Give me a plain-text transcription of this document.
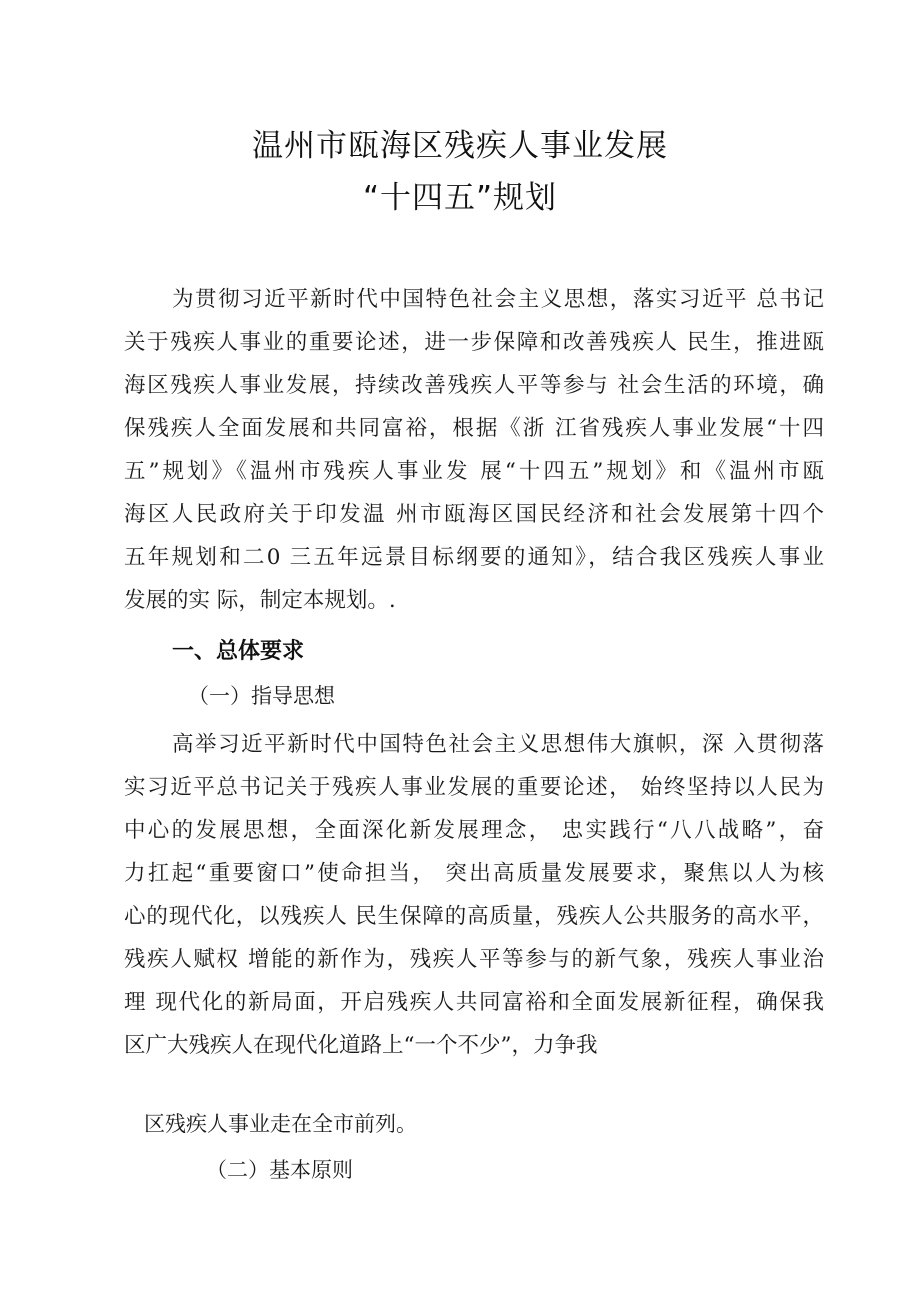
温州市瓯海区残疾人事业发展
“十四五”规划
为贯彻习近平新时代中国特色社会主义思想，落实习近平 总书记
关于残疾人事业的重要论述，进一步保障和改善残疾人 民生，推进瓯
海区残疾人事业发展，持续改善残疾人平等参与 社会生活的环境，确
保残疾人全面发展和共同富裕，根据《浙 江省残疾人事业发展“十四
五”规划》《温州市残疾人事业发 展“十四五”规划》和《温州市瓯
海区人民政府关于印发温 州市瓯海区国民经济和社会发展第十四个
五年规划和二0 三五年远景目标纲要的通知》，结合我区残疾人事业
发展的实 际，制定本规划。.
一、总体要求
（一）指导思想
高举习近平新时代中国特色社会主义思想伟大旗帜，深 入贯彻落
实习近平总书记关于残疾人事业发展的重要论述， 始终坚持以人民为
中心的发展思想，全面深化新发展理念， 忠实践行“八八战略”，奋
力扛起“重要窗口”使命担当， 突出高质量发展要求，聚焦以人为核
心的现代化，以残疾人 民生保障的高质量，残疾人公共服务的高水平，
残疾人赋权 增能的新作为，残疾人平等参与的新气象，残疾人事业治
理 现代化的新局面，开启残疾人共同富裕和全面发展新征程，确保我
区广大残疾人在现代化道路上“一个不少”，力争我
区残疾人事业走在全市前列。
（二）基本原则
